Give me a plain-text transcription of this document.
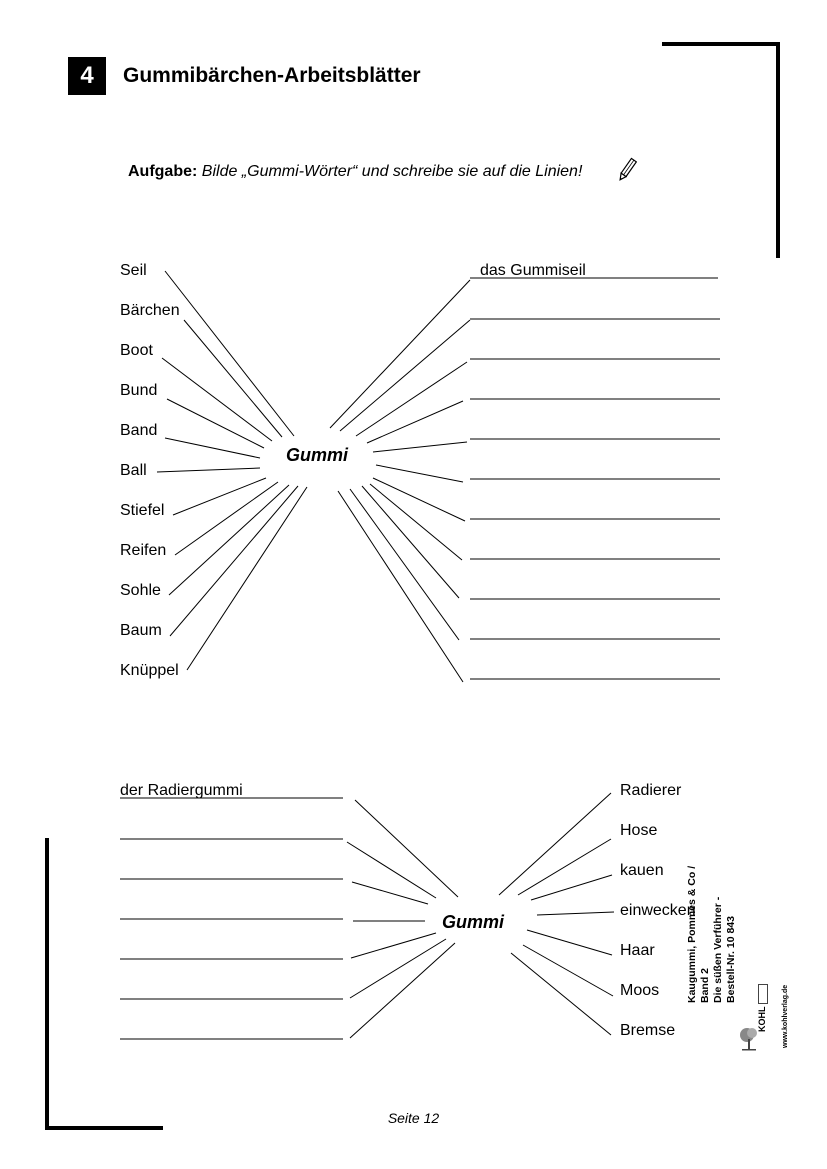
4	Gummibärchen-Arbeitsblätter
Aufgabe: Bilde „Gummi-Wörter“ und schreibe sie auf die Linien!
Seil
Bärchen
Boot
Bund
Band
Ball
Stiefel
Reifen
Sohle
Baum
Knüppel
Gummi
das Gummiseil
der Radiergummi
Gummi
Radierer
Hose
kauen
einwecken
Haar
Moos
Bremse
Kaugummi, Pommes & Co / Band 2 Die süßen Verführer - Bestell-Nr. 10 843
KOHL www.kohlverlag.de
Seite 12
